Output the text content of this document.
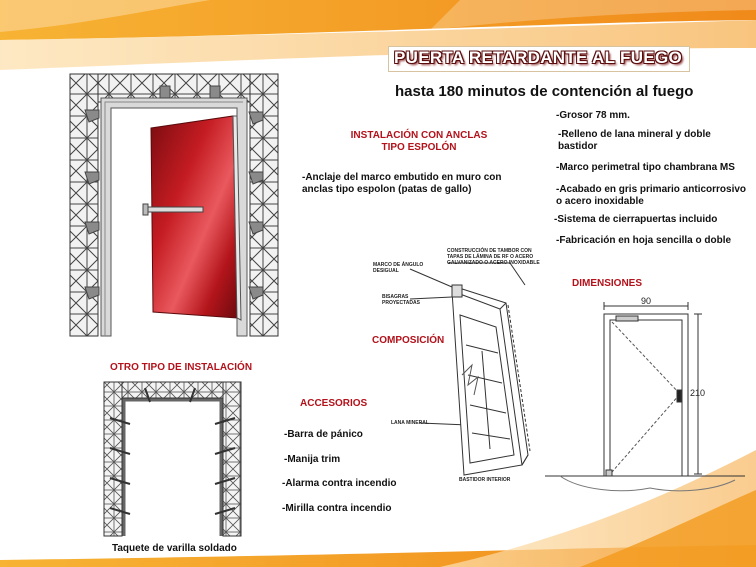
PUERTA RETARDANTE AL FUEGO
hasta 180 minutos de contención al fuego
INSTALACIÓN CON ANCLAS
TIPO ESPOLÓN
-Anclaje del marco embutido en muro con anclas tipo espolon (patas de gallo)
-Grosor 78 mm.
-Relleno de lana mineral y doble bastidor
-Marco perimetral tipo chambrana MS
-Acabado en gris primario anticorrosivo o acero inoxidable
-Sistema de cierrapuertas incluido
-Fabricación en hoja sencilla o doble
OTRO TIPO DE INSTALACIÓN
Taquete de varilla soldado
ACCESORIOS
-Barra de pánico
-Manija trim
-Alarma contra incendio
-Mirilla contra incendio
COMPOSICIÓN
MARCO DE ÁNGULO DESIGUAL
CONSTRUCCIÓN DE TAMBOR CON TAPAS DE LÁMINA DE RF O ACERO GALVANIZADO O ACERO INOXIDABLE
BISAGRAS PROYECTADAS
LANA MINERAL
BASTIDOR INTERIOR
DIMENSIONES
90
210
